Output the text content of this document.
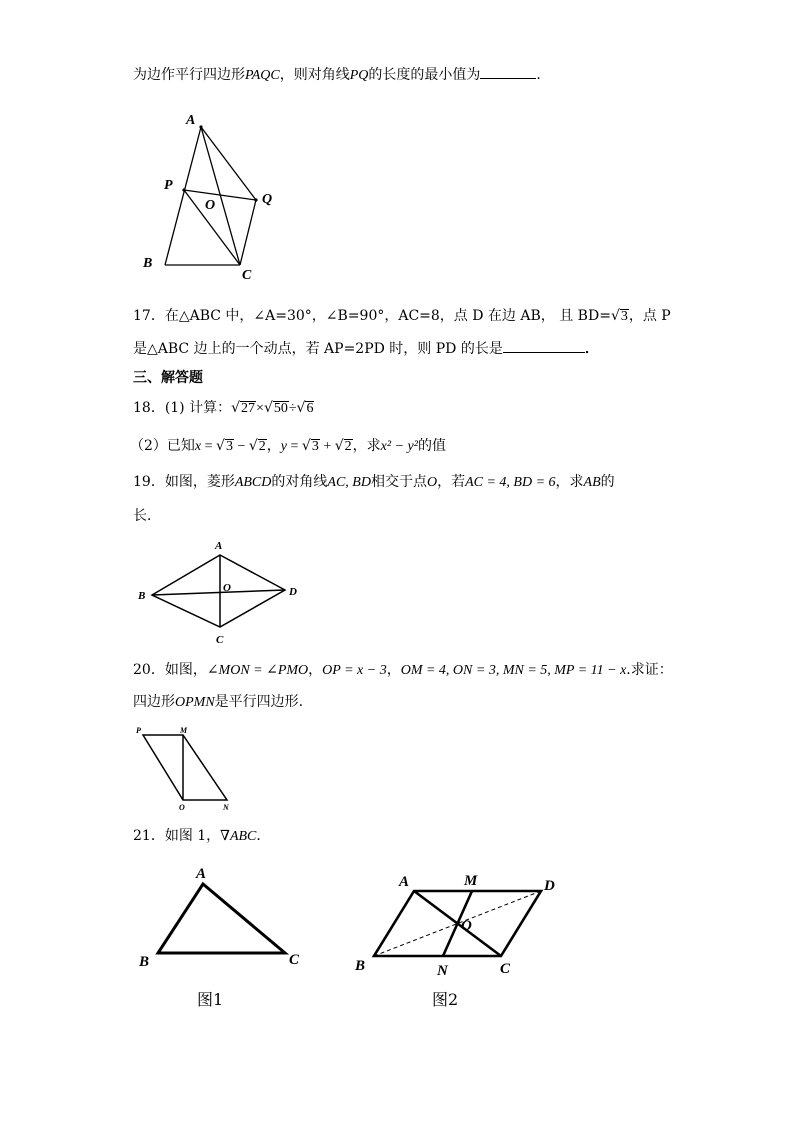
为边作平行四边形PAQC，则对角线PQ的长度的最小值为	．
A
P
O	Q
B
C
17．在△ABC 中，∠A=30°，∠B=90°，AC=8，点 D 在边 AB， 且 BD=√3，点 P
是△ABC 边上的一个动点，若 AP=2PD 时，则 PD 的长是	．
三、解答题
18．(1) 计算：√27×√50÷√6
（2）已知x = √3 − √2，y = √3 + √2，求x² − y²的值
19．如图，菱形ABCD的对角线AC, BD相交于点O，若AC = 4, BD = 6，求AB的
长．
A
B
O	D
C
20．如图，∠MON = ∠PMO，OP = x − 3，OM = 4, ON = 3, MN = 5, MP = 11 − x.求证：
四边形OPMN是平行四边形.
P	M
O	N
21．如图 1，∇ABC．
A
B	C
图1
A	M	D
O
B	N	C
图2
